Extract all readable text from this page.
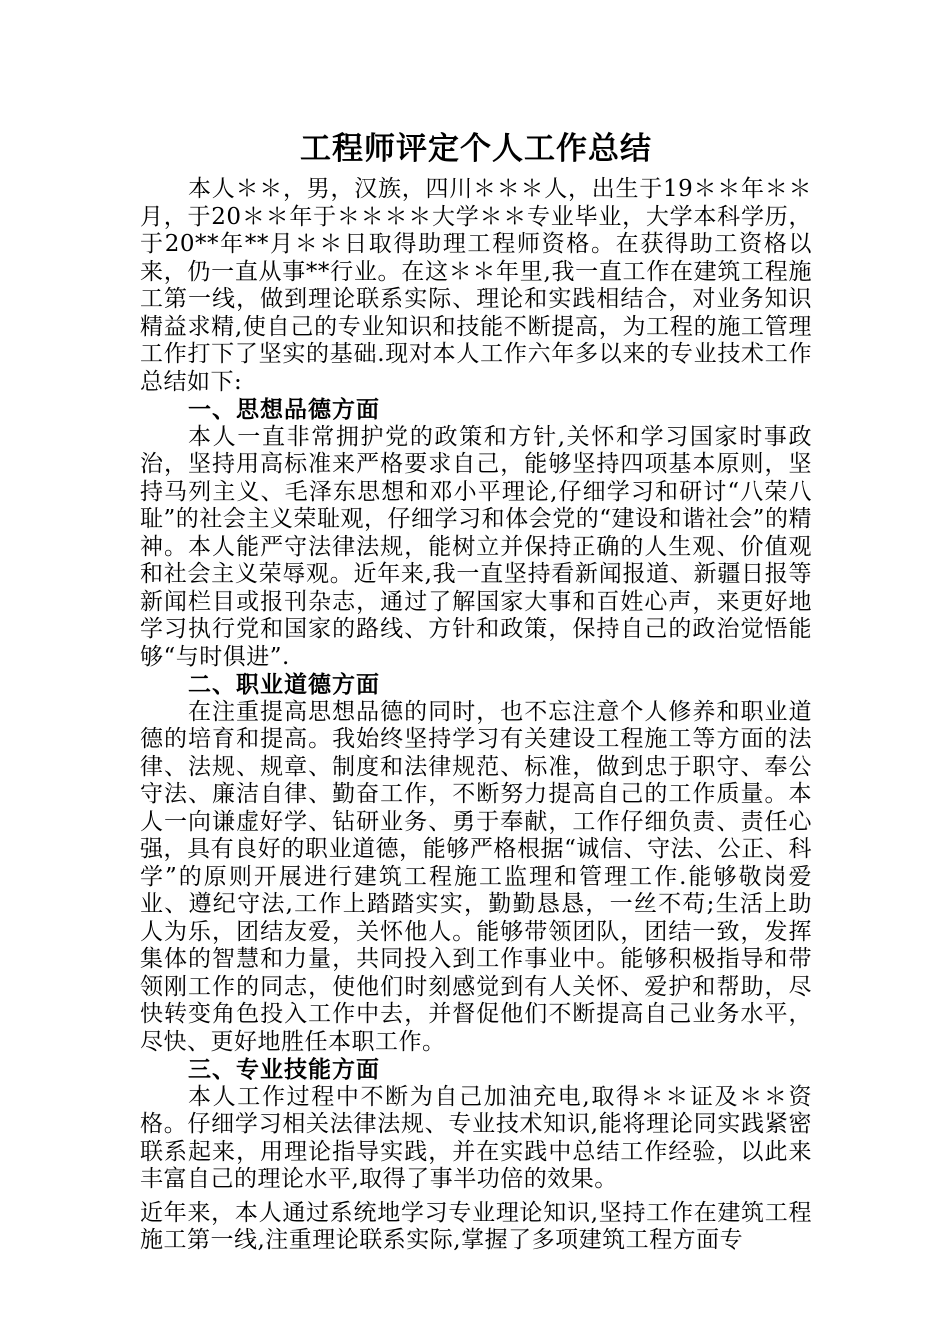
工程师评定个人工作总结

本人＊＊，男，汉族，四川＊＊＊人，出生于19＊＊年＊＊月，于20＊＊年于＊＊＊＊大学＊＊专业毕业，大学本科学历，于20**年**月＊＊日取得助理工程师资格。在获得助工资格以来，仍一直从事**行业。在这＊＊年里,我一直工作在建筑工程施工第一线，做到理论联系实际、理论和实践相结合，对业务知识精益求精,使自己的专业知识和技能不断提高，为工程的施工管理工作打下了坚实的基础.现对本人工作六年多以来的专业技术工作总结如下:

一、思想品德方面

本人一直非常拥护党的政策和方针,关怀和学习国家时事政治，坚持用高标准来严格要求自己，能够坚持四项基本原则，坚持马列主义、毛泽东思想和邓小平理论,仔细学习和研讨“八荣八耻”的社会主义荣耻观，仔细学习和体会党的“建设和谐社会”的精神。本人能严守法律法规，能树立并保持正确的人生观、价值观和社会主义荣辱观。近年来,我一直坚持看新闻报道、新疆日报等新闻栏目或报刊杂志，通过了解国家大事和百姓心声，来更好地学习执行党和国家的路线、方针和政策，保持自己的政治觉悟能够“与时俱进”.

二、职业道德方面

在注重提高思想品德的同时，也不忘注意个人修养和职业道德的培育和提高。我始终坚持学习有关建设工程施工等方面的法律、法规、规章、制度和法律规范、标准，做到忠于职守、奉公守法、廉洁自律、勤奋工作，不断努力提高自己的工作质量。本人一向谦虚好学、钻研业务、勇于奉献，工作仔细负责、责任心强，具有良好的职业道德，能够严格根据“诚信、守法、公正、科学”的原则开展进行建筑工程施工监理和管理工作.能够敬岗爱业、遵纪守法,工作上踏踏实实，勤勤恳恳，一丝不苟;生活上助人为乐，团结友爱，关怀他人。能够带领团队，团结一致，发挥集体的智慧和力量，共同投入到工作事业中。能够积极指导和带领刚工作的同志，使他们时刻感觉到有人关怀、爱护和帮助，尽快转变角色投入工作中去，并督促他们不断提高自己业务水平，尽快、更好地胜任本职工作。

三、专业技能方面

本人工作过程中不断为自己加油充电,取得＊＊证及＊＊资格。仔细学习相关法律法规、专业技术知识,能将理论同实践紧密联系起来，用理论指导实践，并在实践中总结工作经验，以此来丰富自己的理论水平,取得了事半功倍的效果。

近年来，本人通过系统地学习专业理论知识,坚持工作在建筑工程施工第一线,注重理论联系实际,掌握了多项建筑工程方面专
